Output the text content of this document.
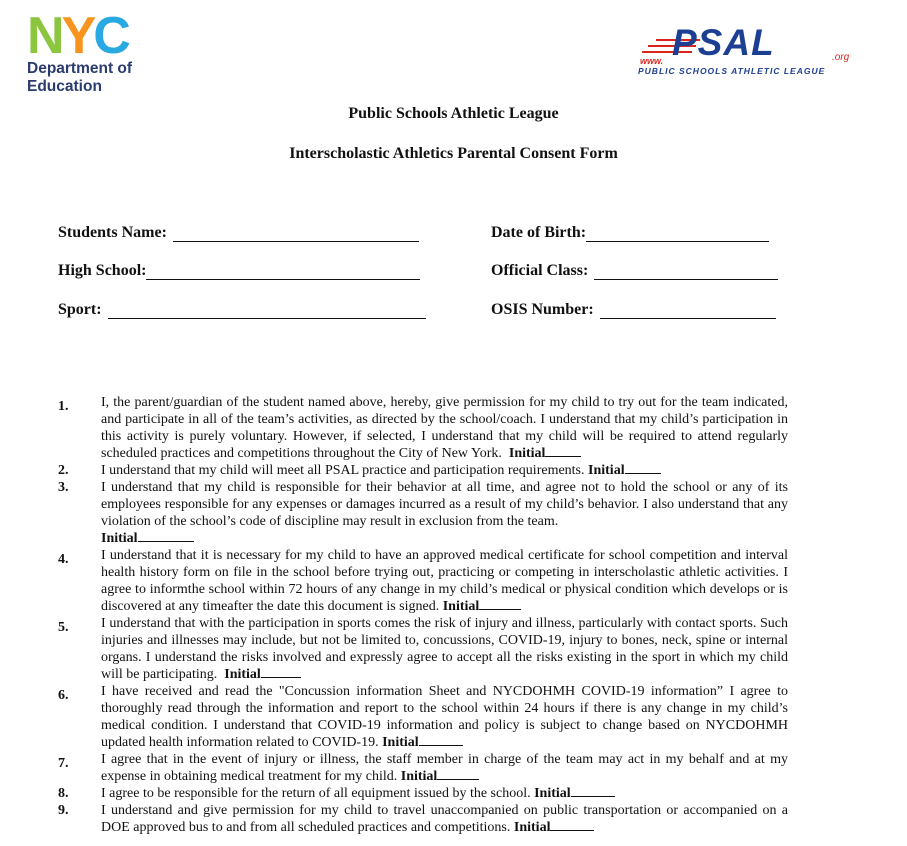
NYC
Department of
Education
www. PSAL	.org
PUBLIC SCHOOLS ATHLETIC LEAGUE
Public Schools Athletic League
Interscholastic Athletics Parental Consent Form
Students Name:	Date of Birth:
High School:	Official Class:
Sport:	OSIS Number:
1. I, the parent/guardian of the student named above, hereby, give permission for my child to try out for the team indicated, and participate in all of the team’s activities, as directed by the school/coach. I understand that my child’s participation in this activity is purely voluntary. However, if selected, I understand that my child will be required to attend regularly scheduled practices and competitions throughout the City of New York. Initial
2. I understand that my child will meet all PSAL practice and participation requirements. Initial
3. I understand that my child is responsible for their behavior at all time, and agree not to hold the school or any of its employees responsible for any expenses or damages incurred as a result of my child’s behavior. I also understand that any violation of the school’s code of discipline may result in exclusion from the team.
Initial
4. I understand that it is necessary for my child to have an approved medical certificate for school competition and interval health history form on file in the school before trying out, practicing or competing in interscholastic athletic activities. I agree to informthe school within 72 hours of any change in my child’s medical or physical condition which develops or is discovered at any timeafter the date this document is signed. Initial
5. I understand that with the participation in sports comes the risk of injury and illness, particularly with contact sports. Such injuries and illnesses may include, but not be limited to, concussions, COVID-19, injury to bones, neck, spine or internal organs. I understand the risks involved and expressly agree to accept all the risks existing in the sport in which my child will be participating. Initial
6. I have received and read the "Concussion information Sheet and NYCDOHMH COVID-19 information” I agree to thoroughly read through the information and report to the school within 24 hours if there is any change in my child’s medical condition. I understand that COVID-19 information and policy is subject to change based on NYCDOHMH updated health information related to COVID-19. Initial
7. I agree that in the event of injury or illness, the staff member in charge of the team may act in my behalf and at my expense in obtaining medical treatment for my child. Initial
8. I agree to be responsible for the return of all equipment issued by the school. Initial
9. I understand and give permission for my child to travel unaccompanied on public transportation or accompanied on a DOE approved bus to and from all scheduled practices and competitions. Initial
